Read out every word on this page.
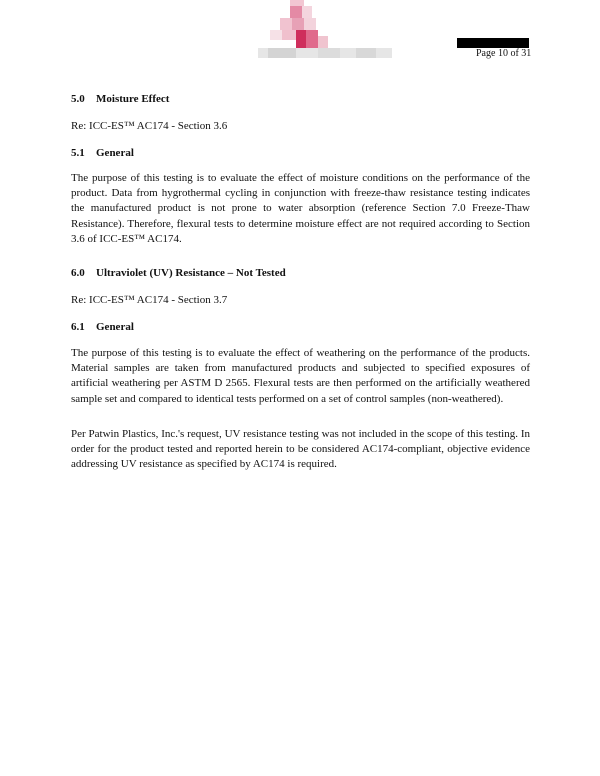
Page 10 of 31
5.0 Moisture Effect
Re: ICC-ES™ AC174 - Section 3.6
5.1 General
The purpose of this testing is to evaluate the effect of moisture conditions on the performance of the product. Data from hygrothermal cycling in conjunction with freeze-thaw resistance testing indicates the manufactured product is not prone to water absorption (reference Section 7.0 Freeze-Thaw Resistance). Therefore, flexural tests to determine moisture effect are not required according to Section 3.6 of ICC-ES™ AC174.
6.0 Ultraviolet (UV) Resistance – Not Tested
Re: ICC-ES™ AC174 - Section 3.7
6.1 General
The purpose of this testing is to evaluate the effect of weathering on the performance of the products. Material samples are taken from manufactured products and subjected to specified exposures of artificial weathering per ASTM D 2565. Flexural tests are then performed on the artificially weathered sample set and compared to identical tests performed on a set of control samples (non-weathered).
Per Patwin Plastics, Inc.'s request, UV resistance testing was not included in the scope of this testing. In order for the product tested and reported herein to be considered AC174-compliant, objective evidence addressing UV resistance as specified by AC174 is required.
